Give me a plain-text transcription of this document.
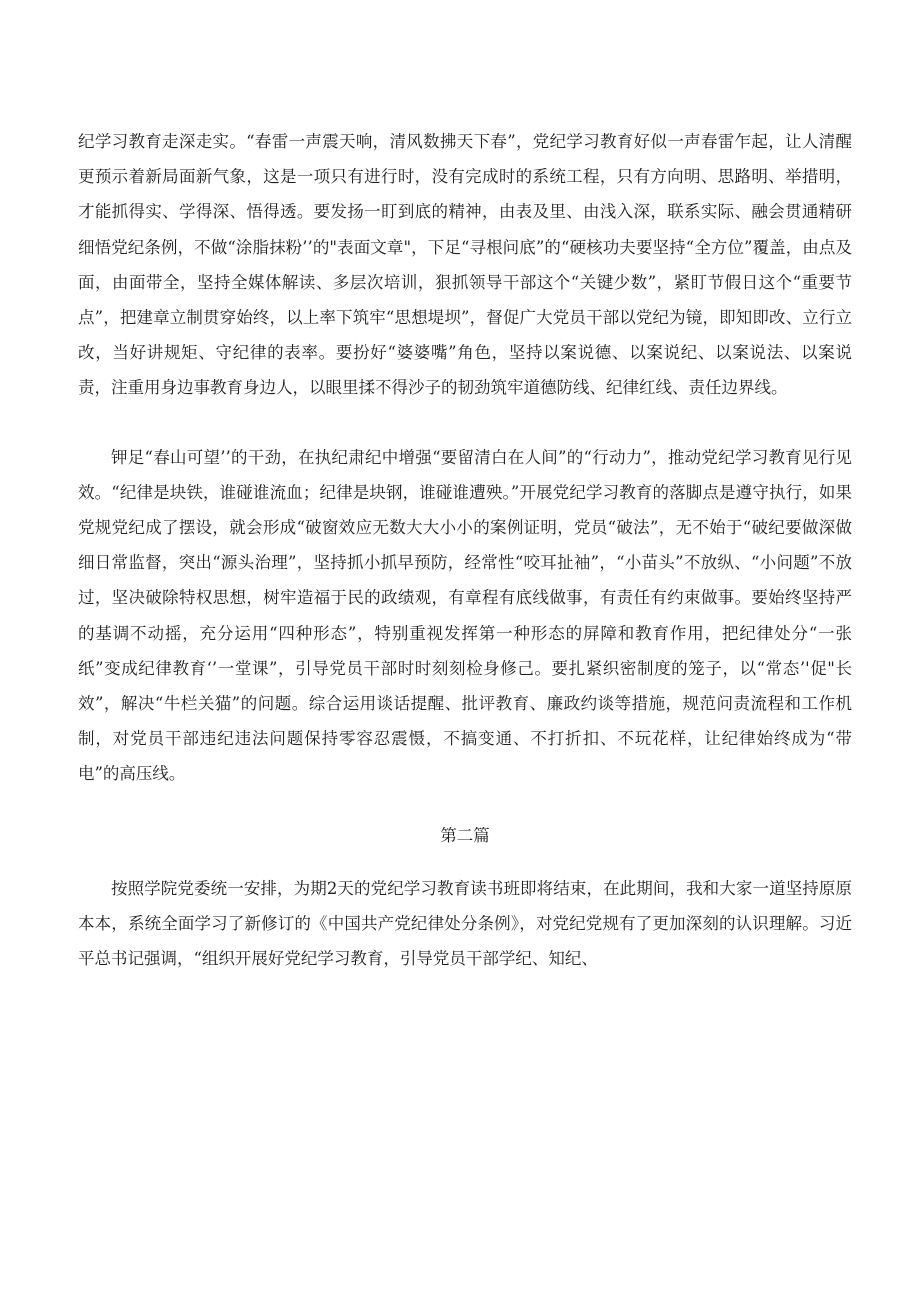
纪学习教育走深走实。“春雷一声震天响，清风数拂天下春”，党纪学习教育好似一声春雷乍起，让人清醒更预示着新局面新气象，这是一项只有进行时，没有完成时的系统工程，只有方向明、思路明、举措明，才能抓得实、学得深、悟得透。要发扬一盯到底的精神，由表及里、由浅入深，联系实际、融会贯通精研细悟党纪条例，不做“涂脂抹粉’’的"表面文章"，下足“寻根问底”的“硬核功夫要坚持“全方位”覆盖，由点及面，由面带全，坚持全媒体解读、多层次培训，狠抓领导干部这个“关键少数”，紧盯节假日这个“重要节点”，把建章立制贯穿始终，以上率下筑牢“思想堤坝”，督促广大党员干部以党纪为镜，即知即改、立行立改，当好讲规矩、守纪律的表率。要扮好“婆婆嘴”角色，坚持以案说德、以案说纪、以案说法、以案说责，注重用身边事教育身边人，以眼里揉不得沙子的韧劲筑牢道德防线、纪律红线、责任边界线。

钾足“春山可望’’的干劲，在执纪肃纪中增强“要留清白在人间”的“行动力”，推动党纪学习教育见行见效。“纪律是块铁，谁碰谁流血；纪律是块钢，谁碰谁遭殃。”开展党纪学习教育的落脚点是遵守执行，如果党规党纪成了摆设，就会形成“破窗效应无数大大小小的案例证明，党员“破法”，无不始于“破纪要做深做细日常监督，突出“源头治理”，坚持抓小抓早预防，经常性“咬耳扯袖”，“小苗头”不放纵、“小问题”不放过，坚决破除特权思想，树牢造福于民的政绩观，有章程有底线做事，有责任有约束做事。要始终坚持严的基调不动摇，充分运用“四种形态”，特别重视发挥第一种形态的屏障和教育作用，把纪律处分“一张纸”变成纪律教育‘’一堂课”，引导党员干部时时刻刻检身修己。要扎紧织密制度的笼子，以“常态’'促"长效”，解决“牛栏关猫”的问题。综合运用谈话提醒、批评教育、廉政约谈等措施，规范问责流程和工作机制，对党员干部违纪违法问题保持零容忍震慑，不搞变通、不打折扣、不玩花样，让纪律始终成为“带电”的高压线。

第二篇

按照学院党委统一安排，为期2天的党纪学习教育读书班即将结束，在此期间，我和大家一道坚持原原本本，系统全面学习了新修订的《中国共产党纪律处分条例》，对党纪党规有了更加深刻的认识理解。习近平总书记强调，“组织开展好党纪学习教育，引导党员干部学纪、知纪、
